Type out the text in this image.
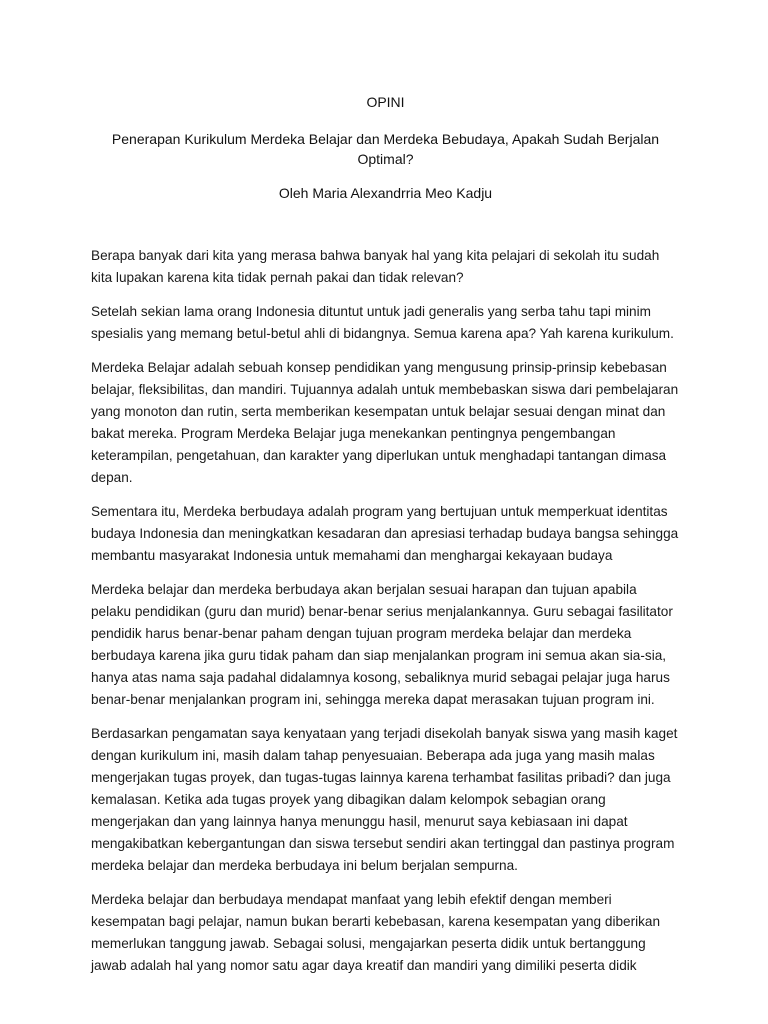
OPINI

Penerapan Kurikulum Merdeka Belajar dan Merdeka Bebudaya, Apakah Sudah Berjalan Optimal?

Oleh Maria Alexandrria Meo Kadju

Berapa banyak dari kita yang merasa bahwa banyak hal yang kita pelajari di sekolah itu sudah kita lupakan karena kita tidak pernah pakai dan tidak relevan?

Setelah sekian lama orang Indonesia dituntut untuk jadi generalis yang serba tahu tapi minim spesialis yang memang betul-betul ahli di bidangnya. Semua karena apa? Yah karena kurikulum.

Merdeka Belajar adalah sebuah konsep pendidikan yang mengusung prinsip-prinsip kebebasan belajar, fleksibilitas, dan mandiri. Tujuannya adalah untuk membebaskan siswa dari pembelajaran yang monoton dan rutin, serta memberikan kesempatan untuk belajar sesuai dengan minat dan bakat mereka. Program Merdeka Belajar juga menekankan pentingnya pengembangan keterampilan, pengetahuan, dan karakter yang diperlukan untuk menghadapi tantangan dimasa depan.

Sementara itu, Merdeka berbudaya adalah program yang bertujuan untuk memperkuat identitas budaya Indonesia dan meningkatkan kesadaran dan apresiasi terhadap budaya bangsa sehingga membantu masyarakat Indonesia untuk memahami dan menghargai kekayaan budaya

Merdeka belajar dan merdeka berbudaya akan berjalan sesuai harapan dan tujuan apabila pelaku pendidikan (guru dan murid) benar-benar serius menjalankannya. Guru sebagai fasilitator pendidik harus benar-benar paham dengan tujuan program merdeka belajar dan merdeka berbudaya karena jika guru tidak paham dan siap menjalankan program ini semua akan sia-sia, hanya atas nama saja padahal didalamnya kosong, sebaliknya murid sebagai pelajar juga harus benar-benar menjalankan program ini, sehingga mereka dapat merasakan tujuan program ini.

Berdasarkan pengamatan saya kenyataan yang terjadi disekolah banyak siswa yang masih kaget dengan kurikulum ini, masih dalam tahap penyesuaian. Beberapa ada juga yang masih malas mengerjakan tugas proyek, dan tugas-tugas lainnya karena terhambat fasilitas pribadi? dan juga kemalasan. Ketika ada tugas proyek yang dibagikan dalam kelompok sebagian orang mengerjakan dan yang lainnya hanya menunggu hasil, menurut saya kebiasaan ini dapat mengakibatkan kebergantungan dan siswa tersebut sendiri akan tertinggal dan pastinya program merdeka belajar dan merdeka berbudaya ini belum berjalan sempurna.

Merdeka belajar dan berbudaya mendapat manfaat yang lebih efektif dengan memberi kesempatan bagi pelajar, namun bukan berarti kebebasan, karena kesempatan yang diberikan memerlukan tanggung jawab. Sebagai solusi, mengajarkan peserta didik untuk bertanggung jawab adalah hal yang nomor satu agar daya kreatif dan mandiri yang dimiliki peserta didik
